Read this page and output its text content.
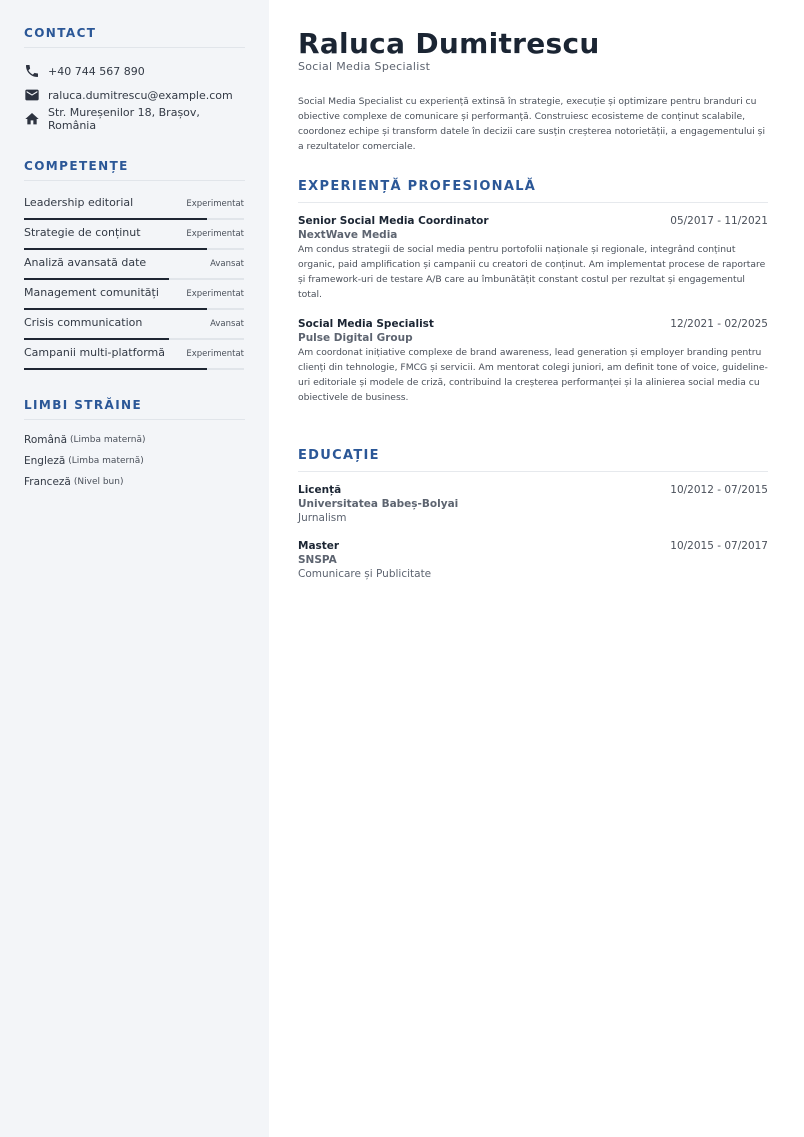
CONTACT
+40 744 567 890
raluca.dumitrescu@example.com
Str. Mureșenilor 18, Brașov, România
COMPETENȚE
Leadership editorial	Experimentat
Strategie de conținut	Experimentat
Analiză avansată date	Avansat
Management comunități	Experimentat
Crisis communication	Avansat
Campanii multi-platformă	Experimentat
LIMBI STRĂINE
Română (Limba maternă)
Engleză (Limba maternă)
Franceză (Nivel bun)
Raluca Dumitrescu
Social Media Specialist

Social Media Specialist cu experiență extinsă în strategie, execuție și optimizare pentru branduri cu obiective complexe de comunicare și performanță. Construiesc ecosisteme de conținut scalabile, coordonez echipe și transform datele în decizii care susțin creșterea notorietății, a engagementului și a rezultatelor comerciale.

EXPERIENȚĂ PROFESIONALĂ
Senior Social Media Coordinator	05/2017 - 11/2021
NextWave Media

Am condus strategii de social media pentru portofolii naționale și regionale, integrând conținut organic, paid amplification și campanii cu creatori de conținut. Am implementat procese de raportare și framework-uri de testare A/B care au îmbunătățit constant costul per rezultat și engagementul total.

Social Media Specialist	12/2021 - 02/2025
Pulse Digital Group

Am coordonat inițiative complexe de brand awareness, lead generation și employer branding pentru clienți din tehnologie, FMCG și servicii. Am mentorat colegi juniori, am definit tone of voice, guideline-uri editoriale și modele de criză, contribuind la creșterea performanței și la alinierea social media cu obiectivele de business.

EDUCAȚIE
Licență	10/2012 - 07/2015
Universitatea Babeș-Bolyai
Jurnalism
Master	10/2015 - 07/2017
SNSPA
Comunicare și Publicitate
